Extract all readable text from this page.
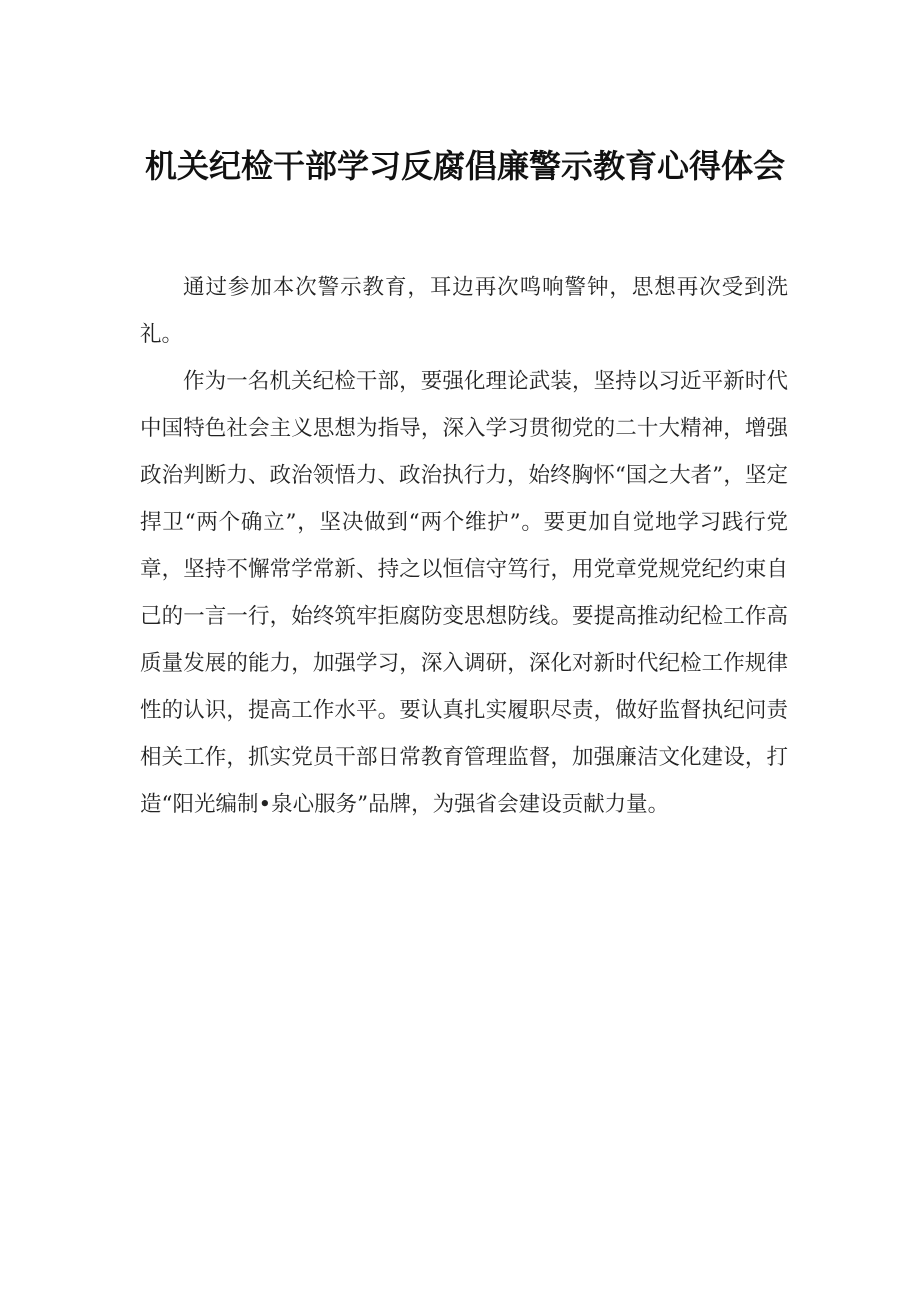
机关纪检干部学习反腐倡廉警示教育心得体会

通过参加本次警示教育，耳边再次鸣响警钟，思想再次受到洗礼。

作为一名机关纪检干部，要强化理论武装，坚持以习近平新时代中国特色社会主义思想为指导，深入学习贯彻党的二十大精神，增强政治判断力、政治领悟力、政治执行力，始终胸怀“国之大者”，坚定捍卫“两个确立”，坚决做到“两个维护”。要更加自觉地学习践行党章，坚持不懈常学常新、持之以恒信守笃行，用党章党规党纪约束自己的一言一行，始终筑牢拒腐防变思想防线。要提高推动纪检工作高质量发展的能力，加强学习，深入调研，深化对新时代纪检工作规律性的认识，提高工作水平。要认真扎实履职尽责，做好监督执纪问责相关工作，抓实党员干部日常教育管理监督，加强廉洁文化建设，打造“阳光编制•泉心服务”品牌，为强省会建设贡献力量。
